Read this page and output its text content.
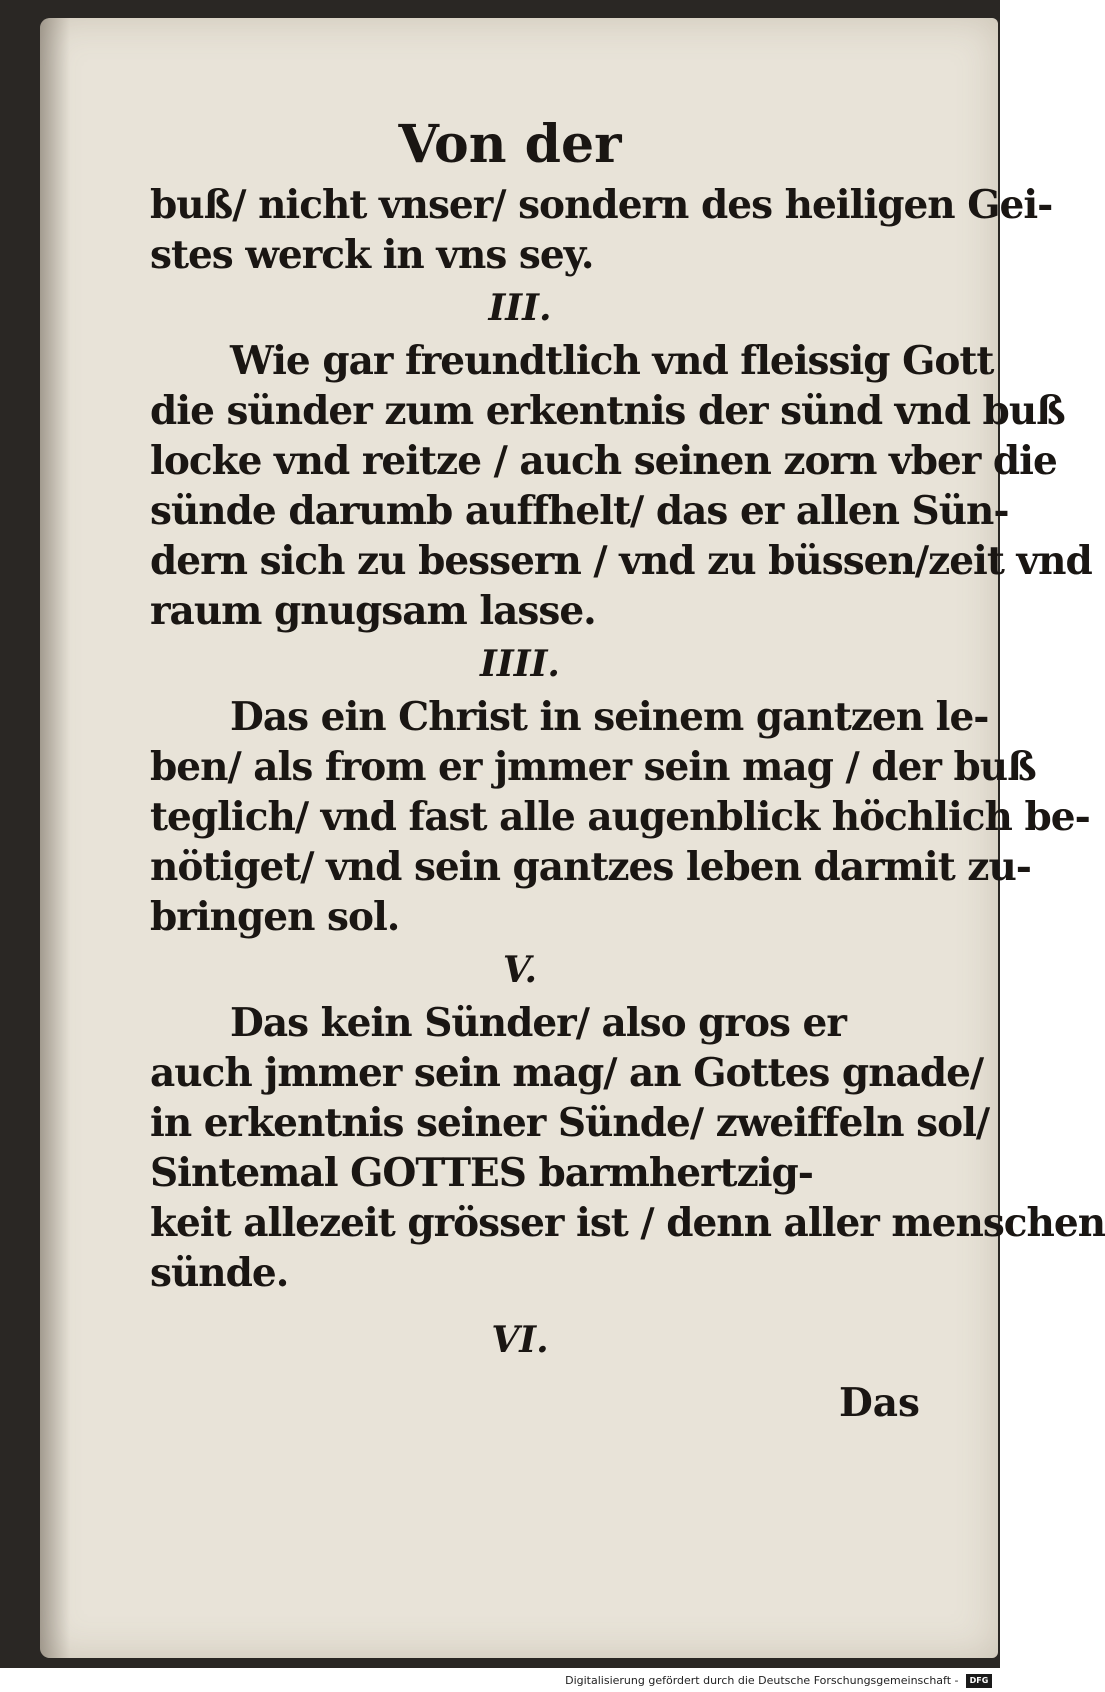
Von der
buß/ nicht vnser/ sondern des heiligen Gei-
stes werck in vns sey.
III.
Wie gar freundtlich vnd fleissig Gott
die sünder zum erkentnis der sünd vnd buß
locke vnd reitze / auch seinen zorn vber die
sünde darumb auffhelt/ das er allen Sün-
dern sich zu bessern / vnd zu büssen/zeit vnd
raum gnugsam lasse.
IIII.
Das ein Christ in seinem gantzen le-
ben/ als from er jmmer sein mag / der buß
teglich/ vnd fast alle augenblick höchlich be-
nötiget/ vnd sein gantzes leben darmit zu-
bringen sol.
V.
Das kein Sünder/ also gros er
auch jmmer sein mag/ an Gottes gnade/
in erkentnis seiner Sünde/ zweiffeln sol/
Sintemal GOTTES barmhertzig-
keit allezeit grösser ist / denn aller menschen
sünde.
VI.
Das
Digitalisierung gefördert durch die Deutsche Forschungsgemeinschaft - DFG
